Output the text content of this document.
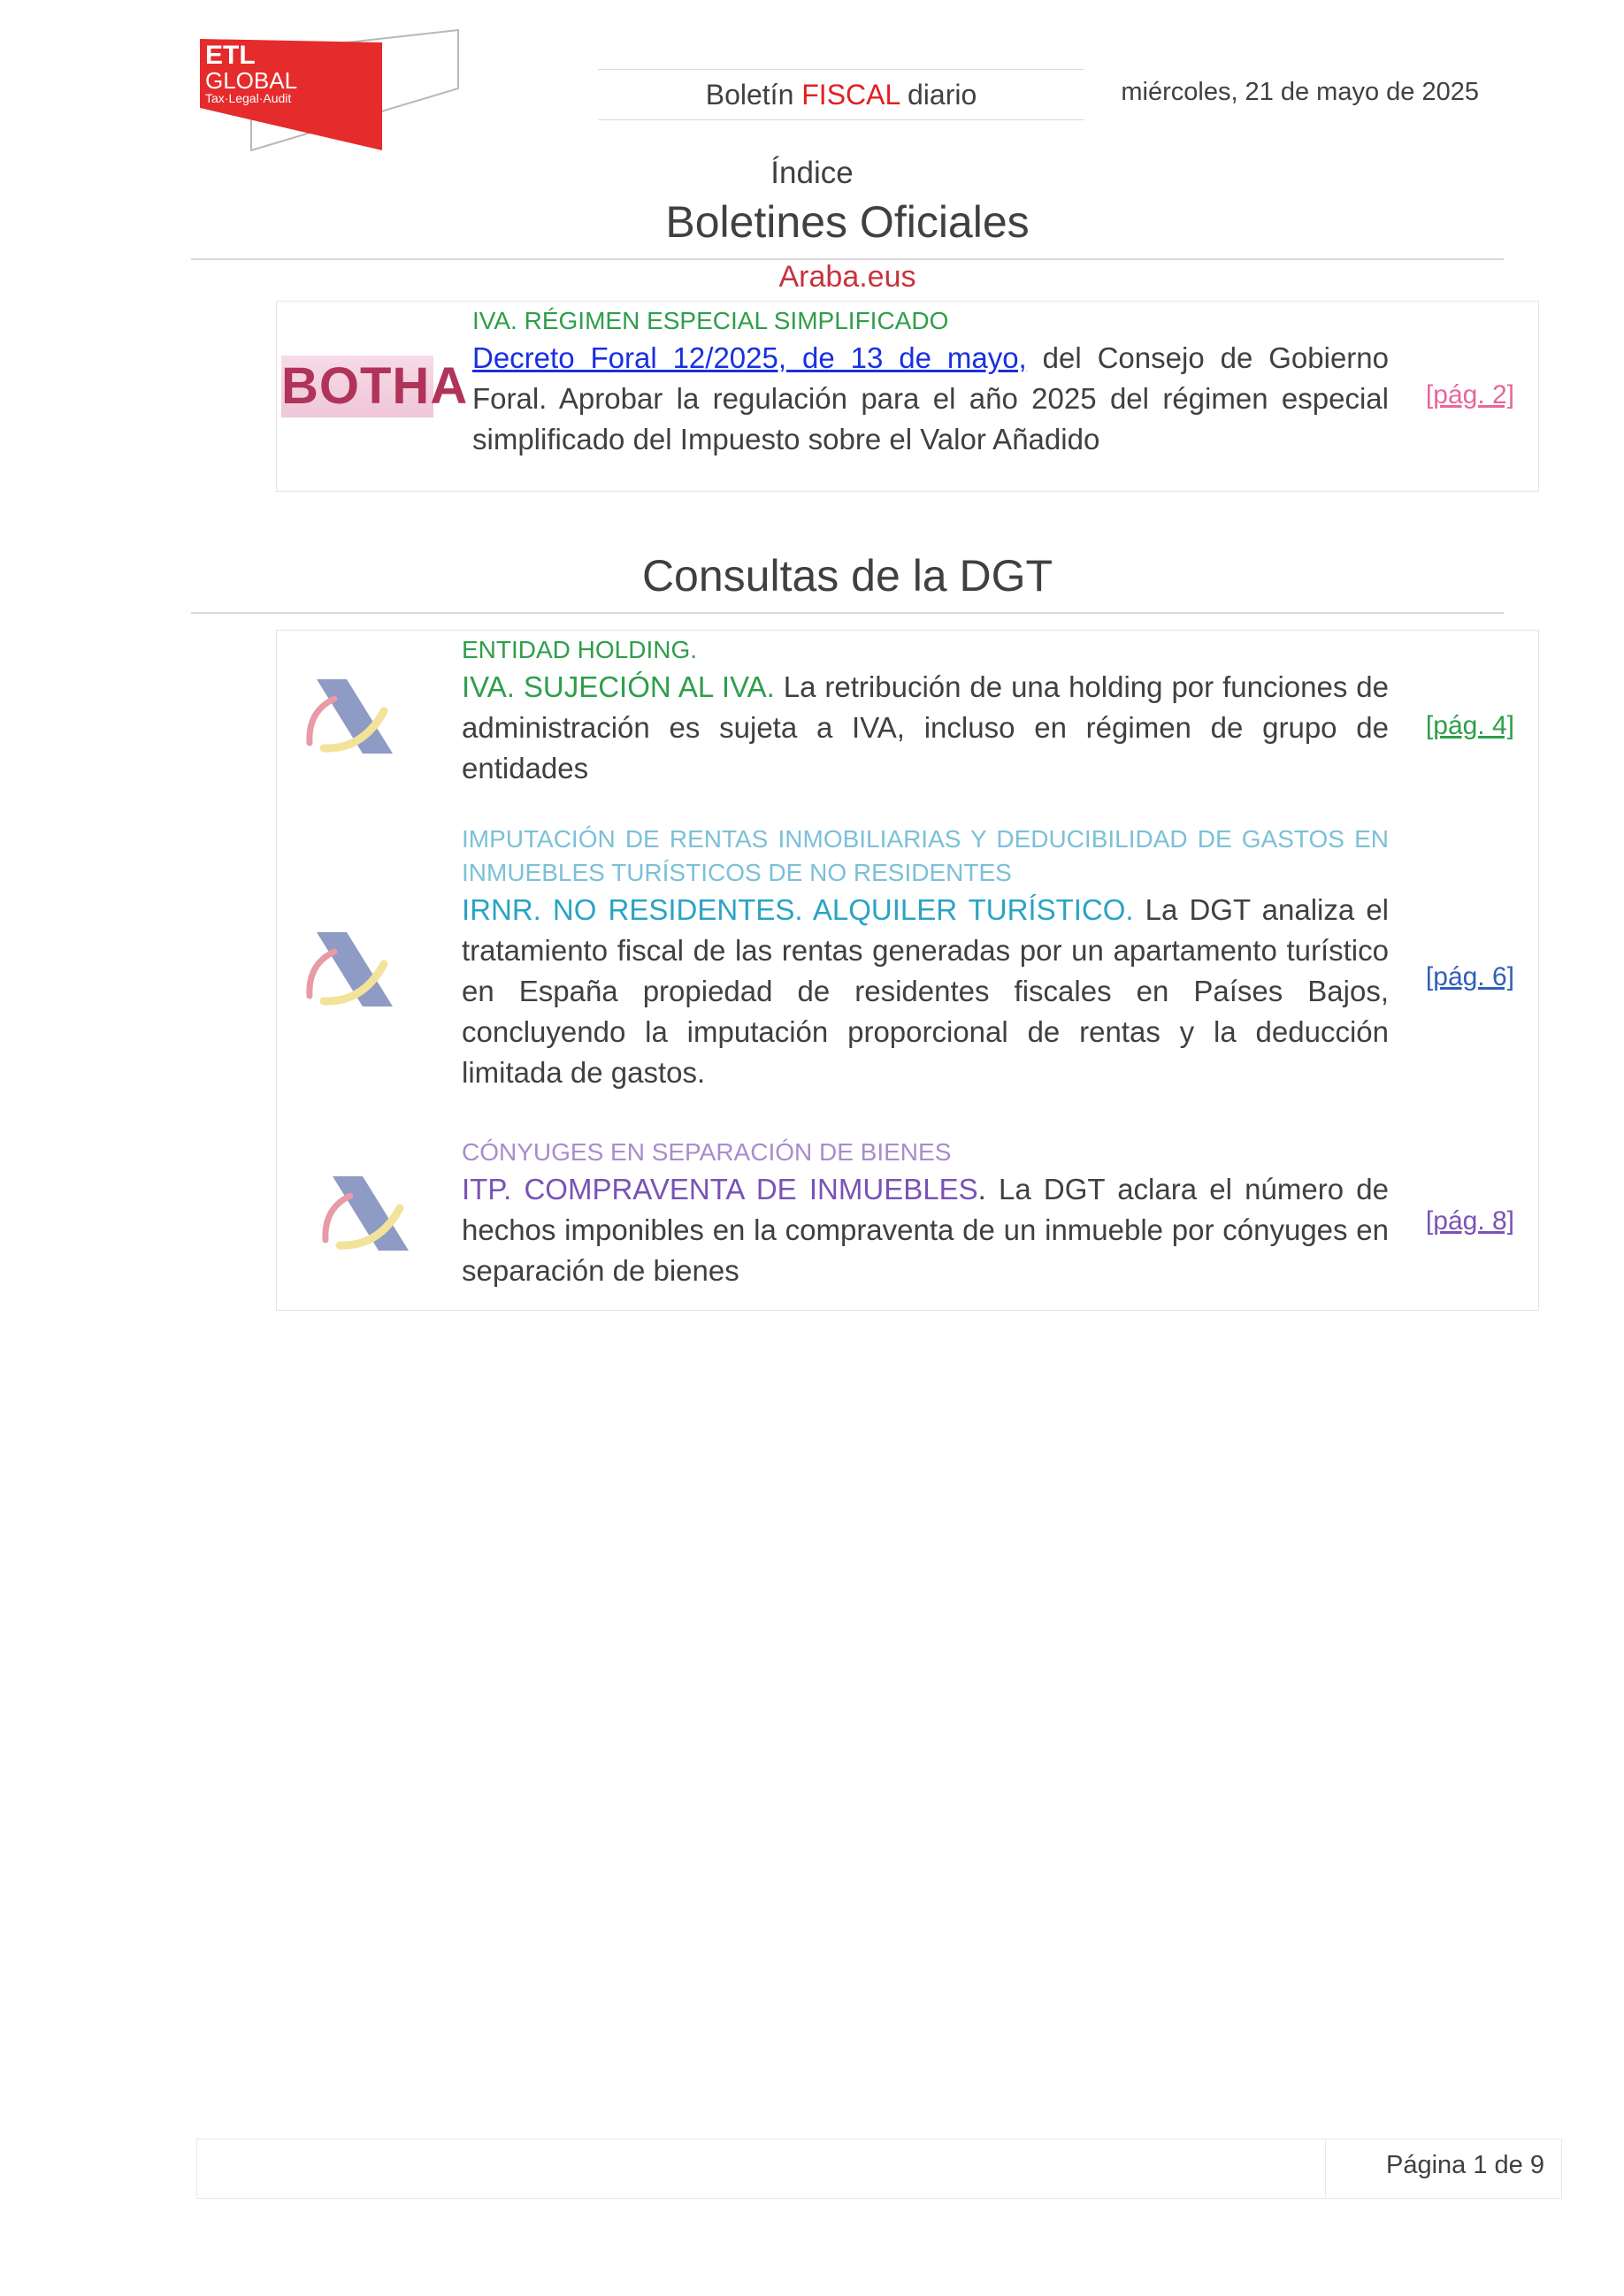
ETL
GLOBAL
Tax·Legal·Audit	Boletín FISCAL diario	miércoles, 21 de mayo de 2025
Índice
Boletines Oficiales
Araba.eus
BOTHA
IVA. RÉGIMEN ESPECIAL SIMPLIFICADO
Decreto Foral 12/2025, de 13 de mayo, del Consejo de Gobierno Foral. Aprobar la regulación para el año 2025 del régimen especial simplificado del Impuesto sobre el Valor Añadido
[pág. 2]
Consultas de la DGT
ENTIDAD HOLDING.
IVA. SUJECIÓN AL IVA. La retribución de una holding por funciones de administración es sujeta a IVA, incluso en régimen de grupo de entidades
[pág. 4]
IMPUTACIÓN DE RENTAS INMOBILIARIAS Y DEDUCIBILIDAD DE GASTOS EN INMUEBLES TURÍSTICOS DE NO RESIDENTES
IRNR. NO RESIDENTES. ALQUILER TURÍSTICO. La DGT analiza el tratamiento fiscal de las rentas generadas por un apartamento turístico en España propiedad de residentes fiscales en Países Bajos, concluyendo la imputación proporcional de rentas y la deducción limitada de gastos.
[pág. 6]
CÓNYUGES EN SEPARACIÓN DE BIENES
ITP. COMPRAVENTA DE INMUEBLES. La DGT aclara el número de hechos imponibles en la compraventa de un inmueble por cónyuges en separación de bienes
[pág. 8]
Página 1 de 9
